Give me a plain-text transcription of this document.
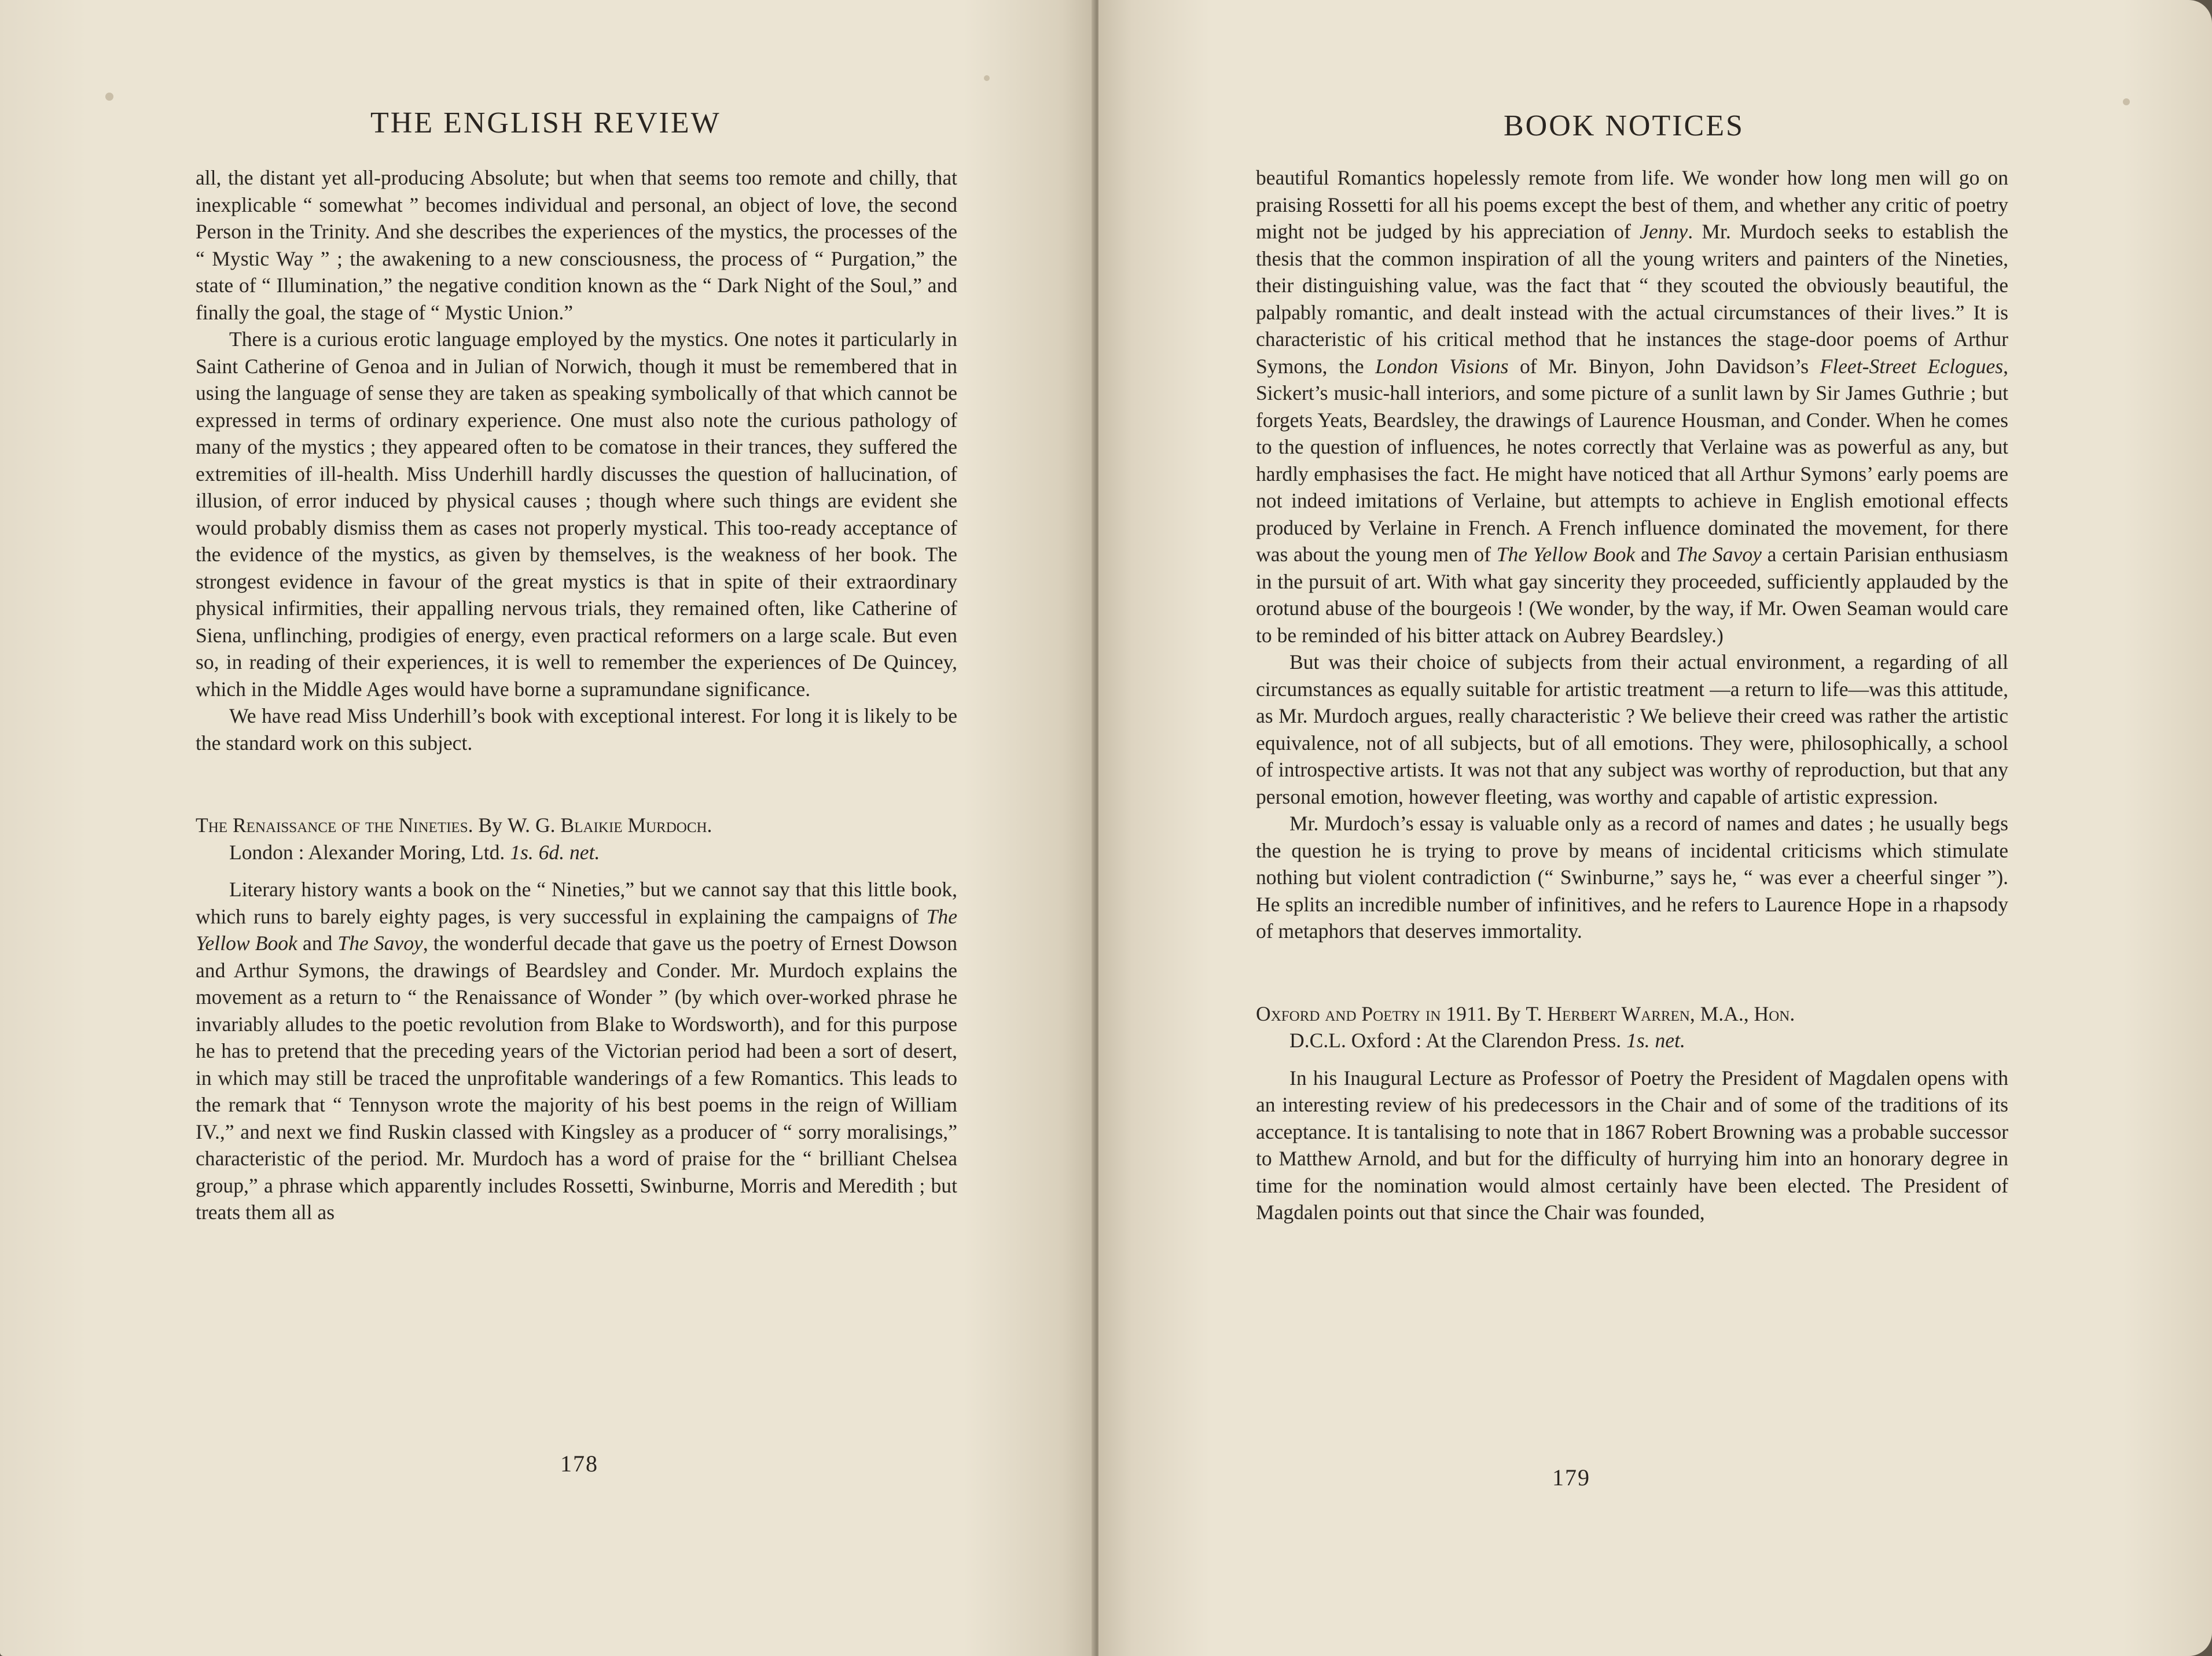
THE ENGLISH REVIEW

all, the distant yet all-producing Absolute; but when that seems too remote and chilly, that inexplicable “ somewhat ” becomes individual and personal, an object of love, the second Person in the Trinity. And she describes the experiences of the mystics, the processes of the “ Mystic Way ” ; the awakening to a new consciousness, the process of “ Purgation,” the state of “ Illumination,” the negative condition known as the “ Dark Night of the Soul,” and finally the goal, the stage of “ Mystic Union.”

There is a curious erotic language employed by the mystics. One notes it particularly in Saint Catherine of Genoa and in Julian of Norwich, though it must be remembered that in using the language of sense they are taken as speaking symbolically of that which cannot be expressed in terms of ordinary experience. One must also note the curious pathology of many of the mystics ; they appeared often to be comatose in their trances, they suffered the extremities of ill-health. Miss Underhill hardly discusses the question of hallucination, of illusion, of error induced by physical causes ; though where such things are evident she would probably dismiss them as cases not properly mystical. This too-ready acceptance of the evidence of the mystics, as given by themselves, is the weakness of her book. The strongest evidence in favour of the great mystics is that in spite of their extraordinary physical infirmities, their appalling nervous trials, they remained often, like Catherine of Siena, unflinching, prodigies of energy, even practical reformers on a large scale. But even so, in reading of their experiences, it is well to remember the experiences of De Quincey, which in the Middle Ages would have borne a supramundane significance.

We have read Miss Underhill’s book with exceptional interest. For long it is likely to be the standard work on this subject.

The Renaissance of the Nineties. By W. G. Blaikie Murdoch.
London : Alexander Moring, Ltd. 1s. 6d. net.

Literary history wants a book on the “ Nineties,” but we cannot say that this little book, which runs to barely eighty pages, is very successful in explaining the campaigns of The Yellow Book and The Savoy, the wonderful decade that gave us the poetry of Ernest Dowson and Arthur Symons, the drawings of Beardsley and Conder. Mr. Murdoch explains the movement as a return to “ the Renaissance of Wonder ” (by which over-worked phrase he invariably alludes to the poetic revolution from Blake to Wordsworth), and for this purpose he has to pretend that the preceding years of the Victorian period had been a sort of desert, in which may still be traced the unprofitable wanderings of a few Romantics. This leads to the remark that “ Tennyson wrote the majority of his best poems in the reign of William IV.,” and next we find Ruskin classed with Kingsley as a producer of “ sorry moralisings,” characteristic of the period. Mr. Murdoch has a word of praise for the “ brilliant Chelsea group,” a phrase which apparently includes Rossetti, Swinburne, Morris and Meredith ; but treats them all as

178
BOOK NOTICES

beautiful Romantics hopelessly remote from life. We wonder how long men will go on praising Rossetti for all his poems except the best of them, and whether any critic of poetry might not be judged by his appreciation of Jenny. Mr. Murdoch seeks to establish the thesis that the common inspiration of all the young writers and painters of the Nineties, their distinguishing value, was the fact that “ they scouted the obviously beautiful, the palpably romantic, and dealt instead with the actual circumstances of their lives.” It is characteristic of his critical method that he instances the stage-door poems of Arthur Symons, the London Visions of Mr. Binyon, John Davidson’s Fleet-Street Eclogues, Sickert’s music-hall interiors, and some picture of a sunlit lawn by Sir James Guthrie ; but forgets Yeats, Beardsley, the drawings of Laurence Housman, and Conder. When he comes to the question of influences, he notes correctly that Verlaine was as powerful as any, but hardly emphasises the fact. He might have noticed that all Arthur Symons’ early poems are not indeed imitations of Verlaine, but attempts to achieve in English emotional effects produced by Verlaine in French. A French influence dominated the movement, for there was about the young men of The Yellow Book and The Savoy a certain Parisian enthusiasm in the pursuit of art. With what gay sincerity they proceeded, sufficiently applauded by the orotund abuse of the bourgeois ! (We wonder, by the way, if Mr. Owen Seaman would care to be reminded of his bitter attack on Aubrey Beardsley.)

But was their choice of subjects from their actual environment, a regarding of all circumstances as equally suitable for artistic treatment —a return to life—was this attitude, as Mr. Murdoch argues, really characteristic ? We believe their creed was rather the artistic equivalence, not of all subjects, but of all emotions. They were, philosophically, a school of introspective artists. It was not that any subject was worthy of reproduction, but that any personal emotion, however fleeting, was worthy and capable of artistic expression.

Mr. Murdoch’s essay is valuable only as a record of names and dates ; he usually begs the question he is trying to prove by means of incidental criticisms which stimulate nothing but violent contradiction (“ Swinburne,” says he, “ was ever a cheerful singer ”). He splits an incredible number of infinitives, and he refers to Laurence Hope in a rhapsody of metaphors that deserves immortality.

Oxford and Poetry in 1911. By T. Herbert Warren, M.A., Hon.
D.C.L. Oxford : At the Clarendon Press. 1s. net.

In his Inaugural Lecture as Professor of Poetry the President of Magdalen opens with an interesting review of his predecessors in the Chair and of some of the traditions of its acceptance. It is tantalising to note that in 1867 Robert Browning was a probable successor to Matthew Arnold, and but for the difficulty of hurrying him into an honorary degree in time for the nomination would almost certainly have been elected. The President of Magdalen points out that since the Chair was founded,

179
